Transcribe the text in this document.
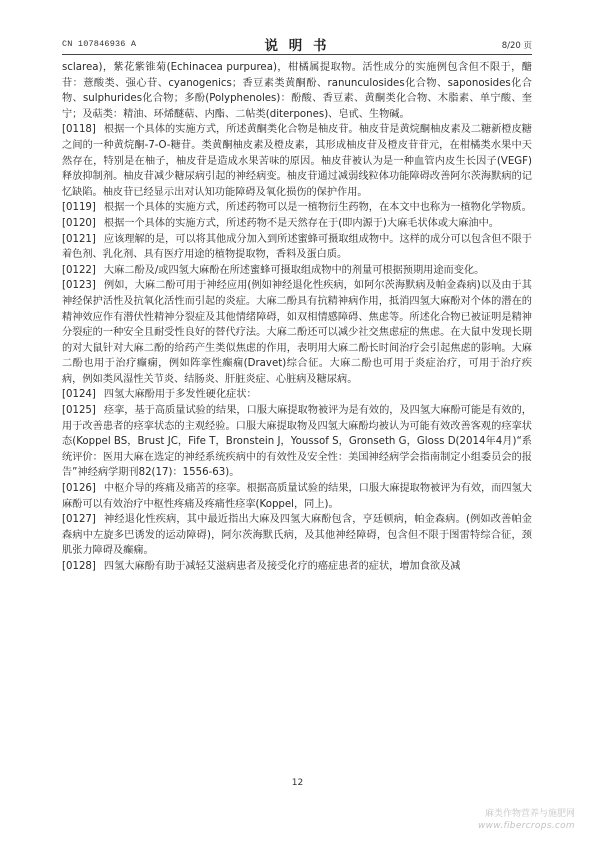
CN 107846936 A	说 明 书	8/20 页

sclarea)，紫花紫锥菊(Echinacea purpurea)，柑橘属提取物。活性成分的实施例包含但不限于，醣苷：薏酸类、强心苷、cyanogenics；香豆素类黄酮酚、ranunculosides化合物、saponosides化合物、sulphurides化合物；多酚(Polyphenoles)：酚酸、香豆素、黄酮类化合物、木脂素、单宁酸、奎宁；及萜类：精油、环烯醚萜、内酯、二帖类(diterpones)、皂甙、生物碱。

[0118] 根据一个具体的实施方式，所述黄酮类化合物是柚皮苷。柚皮苷是黄烷酮柚皮素及二糖新橙皮糖之间的一种黄烷酮-7-O-糖苷。类黄酮柚皮素及橙皮素，其形成柚皮苷及橙皮苷苷元，在柑橘类水果中天然存在，特别是在柚子，柚皮苷是造成水果苦味的原因。柚皮苷被认为是一种血管内皮生长因子(VEGF)释放抑制剂。柚皮苷减少糖尿病引起的神经病变。柚皮苷通过减弱线粒体功能障碍改善阿尔茨海默病的记忆缺陷。柚皮苷已经显示出对认知功能障碍及氧化损伤的保护作用。

[0119] 根据一个具体的实施方式，所述药物可以是一植物衍生药物，在本文中也称为一植物化学物质。

[0120] 根据一个具体的实施方式，所述药物不是天然存在于(即内源于)大麻毛状体或大麻油中。

[0121] 应该理解的是，可以将其他成分加入到所述蜜蜂可摄取组成物中。这样的成分可以包含但不限于着色剂、乳化剂、具有医疗用途的植物提取物，香料及蛋白质。

[0122] 大麻二酚及/或四氢大麻酚在所述蜜蜂可摄取组成物中的剂量可根据预期用途而变化。

[0123] 例如，大麻二酚可用于神经应用(例如神经退化性疾病，如阿尔茨海默病及帕金森病)以及由于其神经保护活性及抗氧化活性而引起的炎症。大麻二酚具有抗精神病作用，抵消四氢大麻酚对个体的潜在的精神效应作有潜伏性精神分裂症及其他情绪障碍，如双相情感障碍、焦虑等。所述化合物已被证明是精神分裂症的一种安全且耐受性良好的替代疗法。大麻二酚还可以减少社交焦虑症的焦虑。在大鼠中发现长期的对大鼠针对大麻二酚的给药产生类似焦虑的作用，表明用大麻二酚长时间治疗会引起焦虑的影响。大麻二酚也用于治疗癫痫，例如阵挛性癫痫(Dravet)综合征。大麻二酚也可用于炎症治疗，可用于治疗疾病，例如类风湿性关节炎、结肠炎、肝脏炎症、心脏病及糖尿病。

[0124] 四氢大麻酚用于多发性硬化症状：

[0125] 痉挛，基于高质量试验的结果，口服大麻提取物被评为是有效的，及四氢大麻酚可能是有效的，用于改善患者的痉挛状态的主观经验。口服大麻提取物及四氢大麻酚均被认为可能有效改善客观的痉挛状态(Koppel BS，Brust JC，Fife T，Bronstein J，Youssof S，Gronseth G，Gloss D(2014年4月)“系统评价：医用大麻在选定的神经系统疾病中的有效性及安全性：美国神经病学会指南制定小组委员会的报告”神经病学期刊82(17)：1556-63)。

[0126] 中枢介导的疼痛及痛苦的痉挛。根据高质量试验的结果，口服大麻提取物被评为有效，而四氢大麻酚可以有效治疗中枢性疼痛及疼痛性痉挛(Koppel，同上)。

[0127] 神经退化性疾病，其中最近指出大麻及四氢大麻酚包含，亨廷顿病，帕金森病。(例如改善帕金森病中左旋多巴诱发的运动障碍)，阿尔茨海默氏病，及其他神经障碍，包含但不限于图雷特综合征，颈肌张力障碍及癫痫。

[0128] 四氢大麻酚有助于减轻艾滋病患者及接受化疗的癌症患者的症状，增加食欲及减

12
麻类作物营养与施肥网
www.fibercrops.com
